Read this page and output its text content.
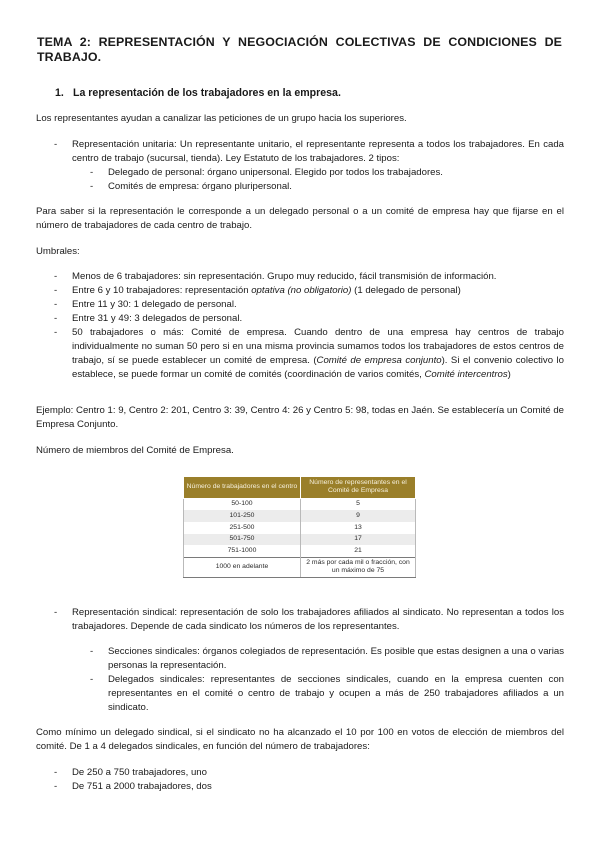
TEMA 2: REPRESENTACIÓN Y NEGOCIACIÓN COLECTIVAS DE CONDICIONES DE TRABAJO.
1. La representación de los trabajadores en la empresa.
Los representantes ayudan a canalizar las peticiones de un grupo hacia los superiores.
- Representación unitaria: Un representante unitario, el representante representa a todos los trabajadores. En cada centro de trabajo (sucursal, tienda). Ley Estatuto de los trabajadores. 2 tipos:
- Delegado de personal: órgano unipersonal. Elegido por todos los trabajadores.
- Comités de empresa: órgano pluripersonal.
Para saber si la representación le corresponde a un delegado personal o a un comité de empresa hay que fijarse en el número de trabajadores de cada centro de trabajo.
Umbrales:
- Menos de 6 trabajadores: sin representación. Grupo muy reducido, fácil transmisión de información.
- Entre 6 y 10 trabajadores: representación optativa (no obligatorio) (1 delegado de personal)
- Entre 11 y 30: 1 delegado de personal.
- Entre 31 y 49: 3 delegados de personal.
- 50 trabajadores o más: Comité de empresa. Cuando dentro de una empresa hay centros de trabajo individualmente no suman 50 pero si en una misma provincia sumamos todos los trabajadores de estos centros de trabajo, sí se puede establecer un comité de empresa. (Comité de empresa conjunto). Si el convenio colectivo lo establece, se puede formar un comité de comités (coordinación de varios comités, Comité intercentros)
Ejemplo: Centro 1: 9, Centro 2: 201, Centro 3: 39, Centro 4: 26 y Centro 5: 98, todas en Jaén. Se establecería un Comité de Empresa Conjunto.
Número de miembros del Comité de Empresa.
Número de trabajadores en el centro	Número de representantes en el Comité de Empresa
50-100	5
101-250	9
251-500	13
501-750	17
751-1000	21
1000 en adelante	2 más por cada mil o fracción, con un máximo de 75
- Representación sindical: representación de solo los trabajadores afiliados al sindicato. No representan a todos los trabajadores. Depende de cada sindicato los números de los representantes.
- Secciones sindicales: órganos colegiados de representación. Es posible que estas designen a una o varias personas la representación.
- Delegados sindicales: representantes de secciones sindicales, cuando en la empresa cuenten con representantes en el comité o centro de trabajo y ocupen a más de 250 trabajadores afiliados a un sindicato.
Como mínimo un delegado sindical, si el sindicato no ha alcanzado el 10 por 100 en votos de elección de miembros del comité. De 1 a 4 delegados sindicales, en función del número de trabajadores:
- De 250 a 750 trabajadores, uno
- De 751 a 2000 trabajadores, dos
